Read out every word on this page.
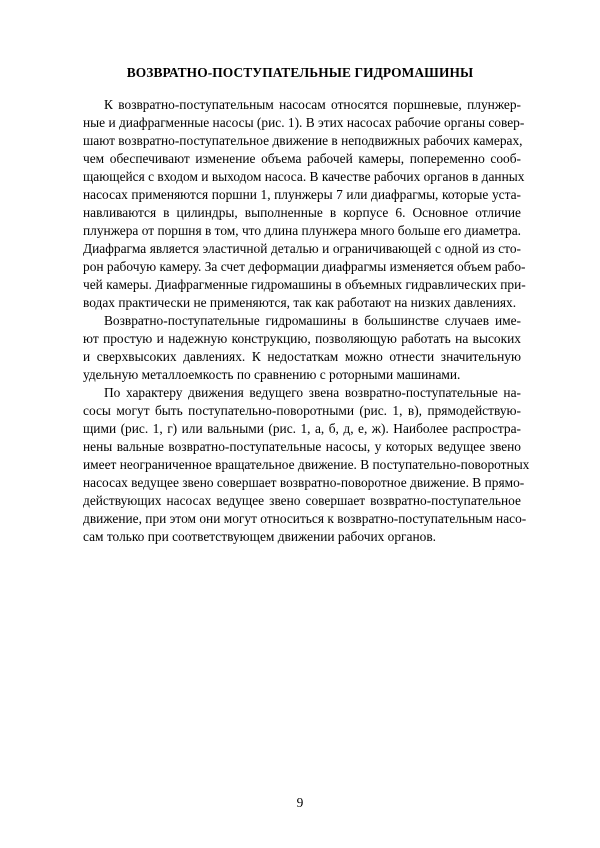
ВОЗВРАТНО-ПОСТУПАТЕЛЬНЫЕ ГИДРОМАШИНЫ
К возвратно-поступательным насосам относятся поршневые, плунжер-
ные и диафрагменные насосы (рис. 1). В этих насосах рабочие органы совер-
шают возвратно-поступательное движение в неподвижных рабочих камерах,
чем обеспечивают изменение объема рабочей камеры, попеременно сооб-
щающейся с входом и выходом насоса. В качестве рабочих органов в данных
насосах применяются поршни 1, плунжеры 7 или диафрагмы, которые уста-
навливаются в цилиндры, выполненные в корпусе 6. Основное отличие
плунжера от поршня в том, что длина плунжера много больше его диаметра.
Диафрагма является эластичной деталью и ограничивающей с одной из сто-
рон рабочую камеру. За счет деформации диафрагмы изменяется объем рабо-
чей камеры. Диафрагменные гидромашины в объемных гидравлических при-
водах практически не применяются, так как работают на низких давлениях.
Возвратно-поступательные гидромашины в большинстве случаев име-
ют простую и надежную конструкцию, позволяющую работать на высоких
и сверхвысоких давлениях. К недостаткам можно отнести значительную
удельную металлоемкость по сравнению с роторными машинами.
По характеру движения ведущего звена возвратно-поступательные на-
сосы могут быть поступательно-поворотными (рис. 1, в), прямодействую-
щими (рис. 1, г) или вальными (рис. 1, а, б, д, е, ж). Наиболее распростра-
нены вальные возвратно-поступательные насосы, у которых ведущее звено
имеет неограниченное вращательное движение. В поступательно-поворотных
насосах ведущее звено совершает возвратно-поворотное движение. В прямо-
действующих насосах ведущее звено совершает возвратно-поступательное
движение, при этом они могут относиться к возвратно-поступательным насо-
сам только при соответствующем движении рабочих органов.
9
